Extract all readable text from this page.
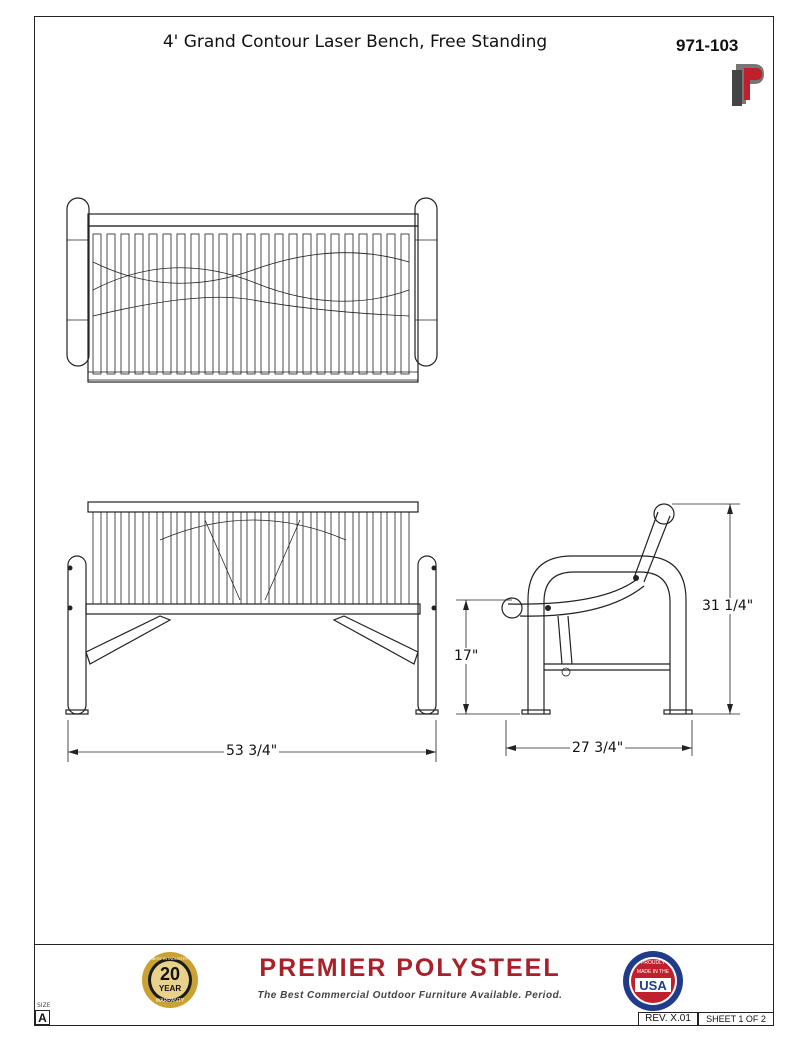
4' Grand Contour Laser Bench, Free Standing	971-103
53 3/4"
17"
27 3/4"
31 1/4"
BEST IN INDUSTRY
20
YEAR
WARRANTY
PREMIER POLYSTEEL
The Best Commercial Outdoor Furniture Available. Period.
PROUDLY
MADE IN THE
USA
SIZE
A	REV. X.01	SHEET 1 OF 2
